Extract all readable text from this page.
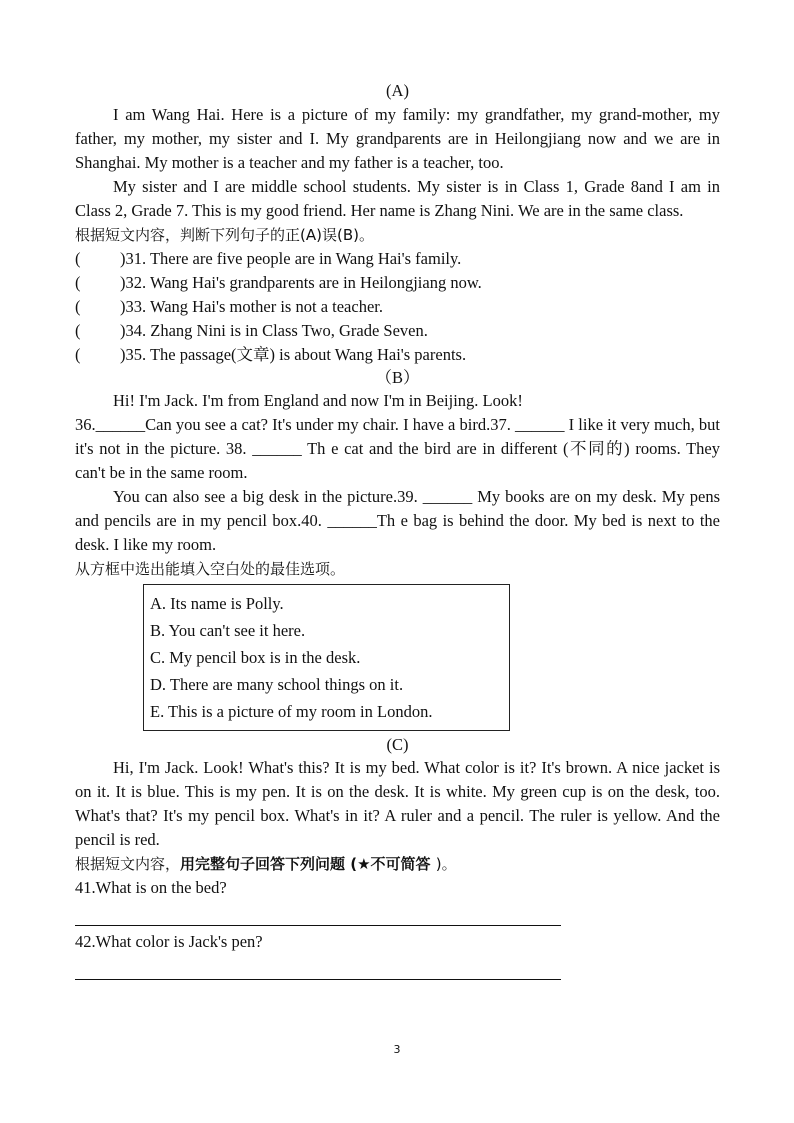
(A)

I am Wang Hai. Here is a picture of my family: my grandfather, my grand-mother, my father, my mother, my sister and I. My grandparents are in Heilongjiang now and we are in Shanghai. My mother is a teacher and my father is a teacher, too.

My sister and I are middle school students. My sister is in Class 1, Grade 8and I am in Class 2, Grade 7. This is my good friend. Her name is Zhang Nini. We are in the same class.

根据短文内容，判断下列句子的正(A)误(B)。

(	)31. There are five people are in Wang Hai's family.
(	)32. Wang Hai's grandparents are in Heilongjiang now.
(	)33. Wang Hai's mother is not a teacher.
(	)34. Zhang Nini is in Class Two, Grade Seven.
(	)35. The passage(文章) is about Wang Hai's parents.
（B）

Hi! I'm Jack. I'm from England and now I'm in Beijing. Look!

36.______Can you see a cat? It's under my chair. I have a bird.37. ______ I like it very much, but it's not in the picture. 38. ______ Th e cat and the bird are in different (不同的) rooms. They can't be in the same room.

You can also see a big desk in the picture.39. ______ My books are on my desk. My pens and pencils are in my pencil box.40. ______Th e bag is behind the door. My bed is next to the desk. I like my room.

从方框中选出能填入空白处的最佳选项。

A. Its name is Polly.
B. You can't see it here.
C. My pencil box is in the desk.
D. There are many school things on it.
E. This is a picture of my room in London.
(C)

Hi, I'm Jack. Look! What's this? It is my bed. What color is it? It's brown. A nice jacket is on it. It is blue. This is my pen. It is on the desk. It is white. My green cup is on the desk, too. What's that? It's my pencil box. What's in it? A ruler and a pencil. The ruler is yellow. And the pencil is red.

根据短文内容，用完整句子回答下列问题 (★不可简答 )。

41.What is on the bed?

42.What color is Jack's pen?

3
